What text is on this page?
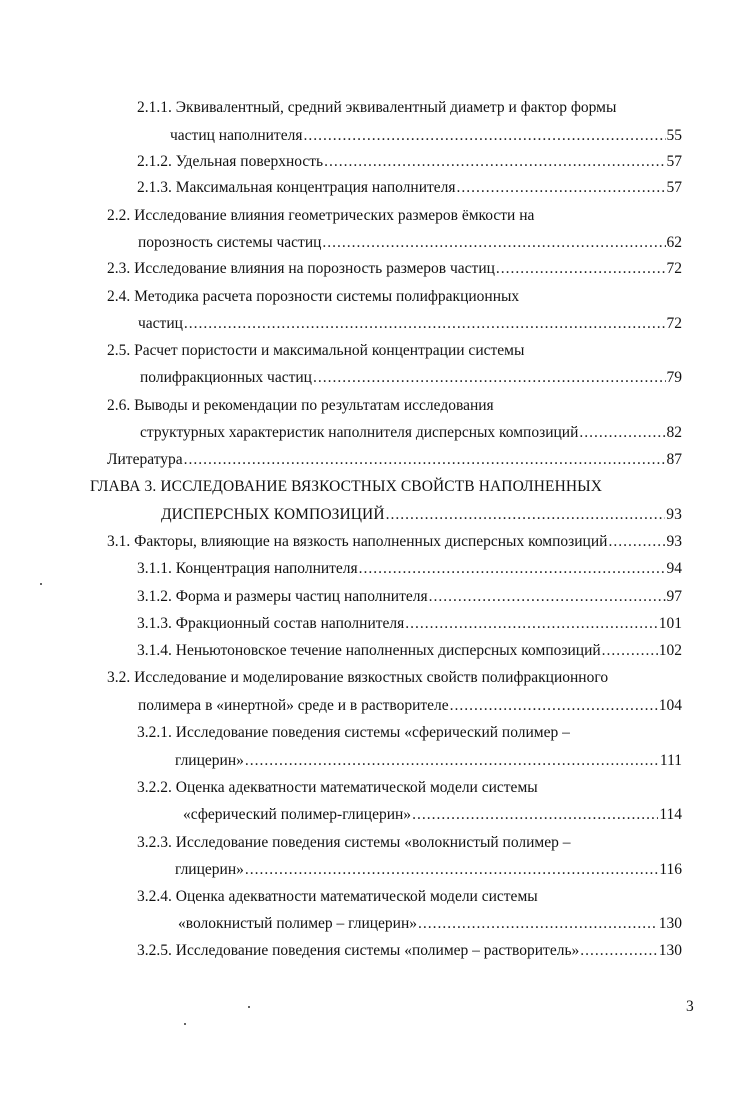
2.1.1. Эквивалентный, средний эквивалентный диаметр и фактор формы
частиц наполнителя .....	55
2.1.2. Удельная поверхность .....	57
2.1.3. Максимальная концентрация наполнителя .....	57
2.2. Исследование влияния геометрических размеров ёмкости на
порозность системы частиц .....	62
2.3. Исследование влияния на порозность размеров частиц .....	72
2.4. Методика расчета порозности системы полифракционных
частиц .....	72
2.5. Расчет пористости и максимальной концентрации системы
полифракционных частиц .....	79
2.6. Выводы и рекомендации по результатам исследования
структурных характеристик наполнителя дисперсных композиций .....	82
Литература .....	87
ГЛАВА 3. ИССЛЕДОВАНИЕ ВЯЗКОСТНЫХ СВОЙСТВ НАПОЛНЕННЫХ
ДИСПЕРСНЫХ КОМПОЗИЦИЙ .....	93
3.1. Факторы, влияющие на вязкость наполненных дисперсных композиций .....	93
3.1.1. Концентрация наполнителя .....	94
3.1.2. Форма и размеры частиц наполнителя .....	97
3.1.3. Фракционный состав наполнителя .....	101
3.1.4. Неньютоновское течение наполненных дисперсных композиций .....	102
3.2. Исследование и моделирование вязкостных свойств полифракционного
полимера в «инертной» среде и в растворителе .....	104
3.2.1. Исследование поведения системы «сферический полимер –
глицерин» .....	111
3.2.2. Оценка адекватности математической модели системы
«сферический полимер-глицерин» .....	114
3.2.3. Исследование поведения системы «волокнистый полимер –
глицерин» .....	116
3.2.4. Оценка адекватности математической модели системы
«волокнистый полимер – глицерин» .....	130
3.2.5. Исследование поведения системы «полимер – растворитель» .....	130
3
